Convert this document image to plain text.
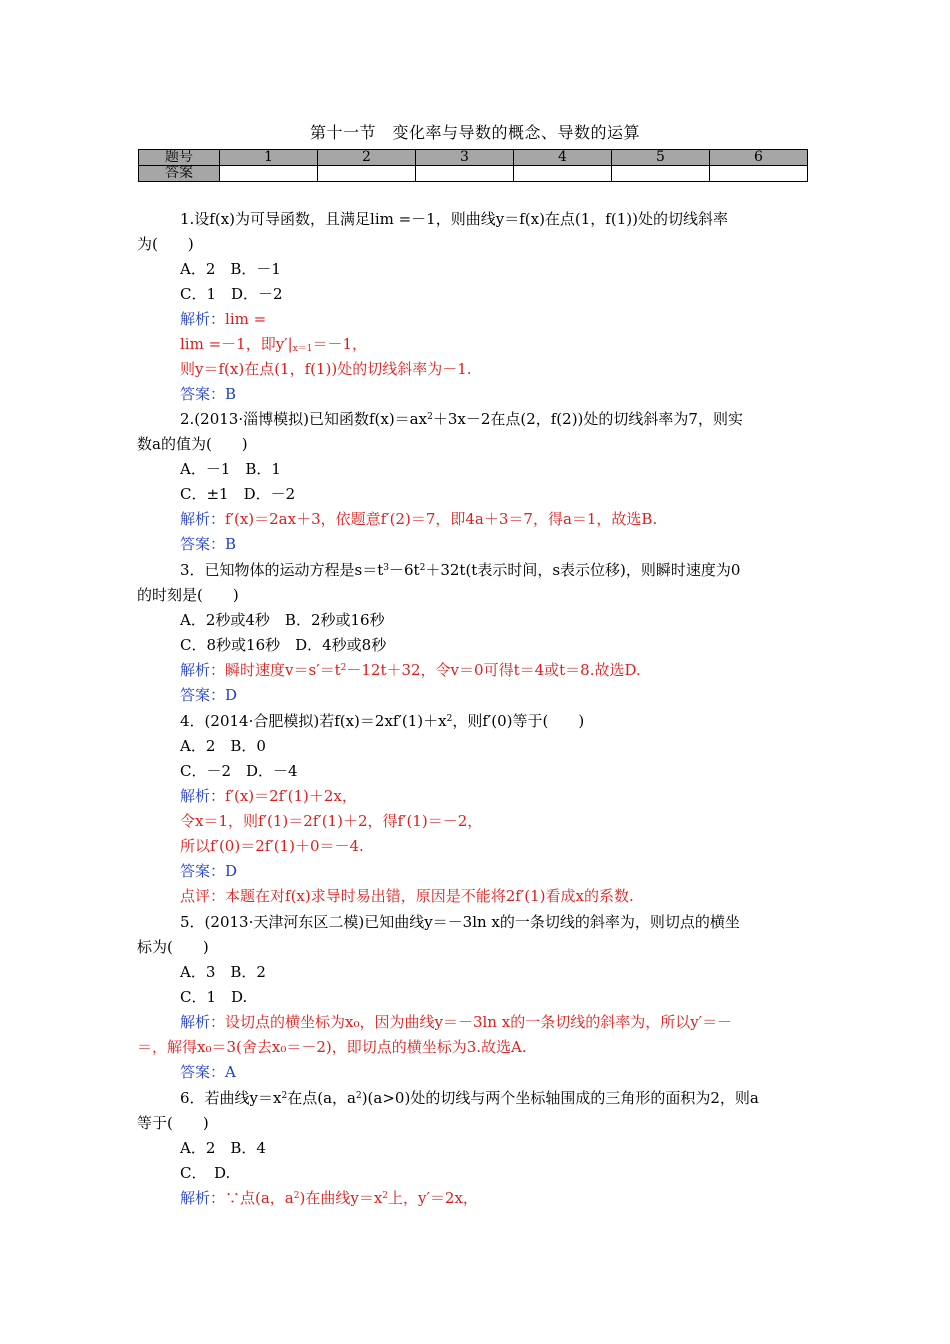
第十一节　变化率与导数的概念、导数的运算
题号	1	2	3	4	5	6
答案						
1.设f(x)为可导函数，且满足lim =－1，则曲线y＝f(x)在点(1，f(1))处的切线斜率
为(　　)
A．2　B．－1
C．1　D．－2
解析：lim =
lim =－1，即$y'|_{x=1}=-1$，
则y＝f(x)在点(1，f(1))处的切线斜率为－1.
答案：B
2.(2013·淄博模拟)已知函数$f(x)=ax^2+3x-2$在点(2，f(2))处的切线斜率为7，则实
数a的值为(　　)
A．－1　B．1
C．±1　D．－2
解析：f′(x)＝2ax＋3，依题意f′(2)＝7，即4a＋3＝7，得a＝1，故选B.
答案：B
3．已知物体的运动方程是$s=t^3-6t^2+32t(t$表示时间，s表示位移)，则瞬时速度为0
的时刻是(　　)
A．2秒或4秒　B．2秒或16秒
C．8秒或16秒　D．4秒或8秒
解析：瞬时速度$v=s'=t^2-12t+32$，令v＝0可得t＝4或t＝8.故选D.
答案：D
4．(2014·合肥模拟)若$f(x)=2xf'(1)+x^2$，则f′(0)等于(　　)
A．2　B．0
C．－2　D．－4
解析：f′(x)＝2f′(1)＋2x，
令x＝1，则f′(1)＝2f′(1)＋2，得f′(1)＝－2，
所以f′(0)＝2f′(1)＋0＝－4.
答案：D
点评：本题在对f(x)求导时易出错，原因是不能将2f′(1)看成x的系数.
5．(2013·天津河东区二模)已知曲线y＝－3ln x的一条切线的斜率为，则切点的横坐
标为(　　)
A．3　B．2
C．1　D.
解析：设切点的横坐标为x₀，因为曲线y＝－3ln x的一条切线的斜率为，所以y′＝－
＝，解得x₀＝3(舍去x₀＝－2)，即切点的横坐标为3.故选A.
答案：A
6．若曲线$y=x^2$在点(a，$a^2)(a>0)$处的切线与两个坐标轴围成的三角形的面积为2，则a
等于(　　)
A．2　B．4
C．　D.
解析：∵点(a，$a^2$)在曲线$y=x^2$上，y′＝2x，
